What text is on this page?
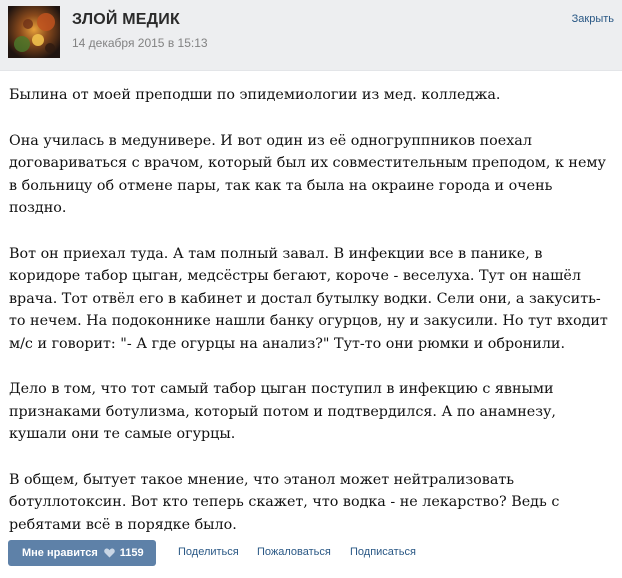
ЗЛОЙ МЕДИК
14 декабря 2015 в 15:13
Закрыть

Былина от моей преподши по эпидемиологии из мед. колледжа.

Она училась в медунивере. И вот один из её одногруппников поехал договариваться с врачом, который был их совместительным преподом, к нему в больницу об отмене пары, так как та была на окраине города и очень поздно.

Вот он приехал туда. А там полный завал. В инфекции все в панике, в коридоре табор цыган, медсёстры бегают, короче - веселуха. Тут он нашёл врача. Тот отвёл его в кабинет и достал бутылку водки. Сели они, а закусить-то нечем. На подоконнике нашли банку огурцов, ну и закусили. Но тут входит м/с и говорит: "- А где огурцы на анализ?" Тут-то они рюмки и обронили.

Дело в том, что тот самый табор цыган поступил в инфекцию с явными признаками ботулизма, который потом и подтвердился. А по анамнезу, кушали они те самые огурцы.

В общем, бытует такое мнение, что этанол может нейтрализовать ботуллотоксин. Вот кто теперь скажет, что водка - не лекарство? Ведь с ребятами всё в порядке было.

Мне нравится 1159	Поделиться Пожаловаться Подписаться
